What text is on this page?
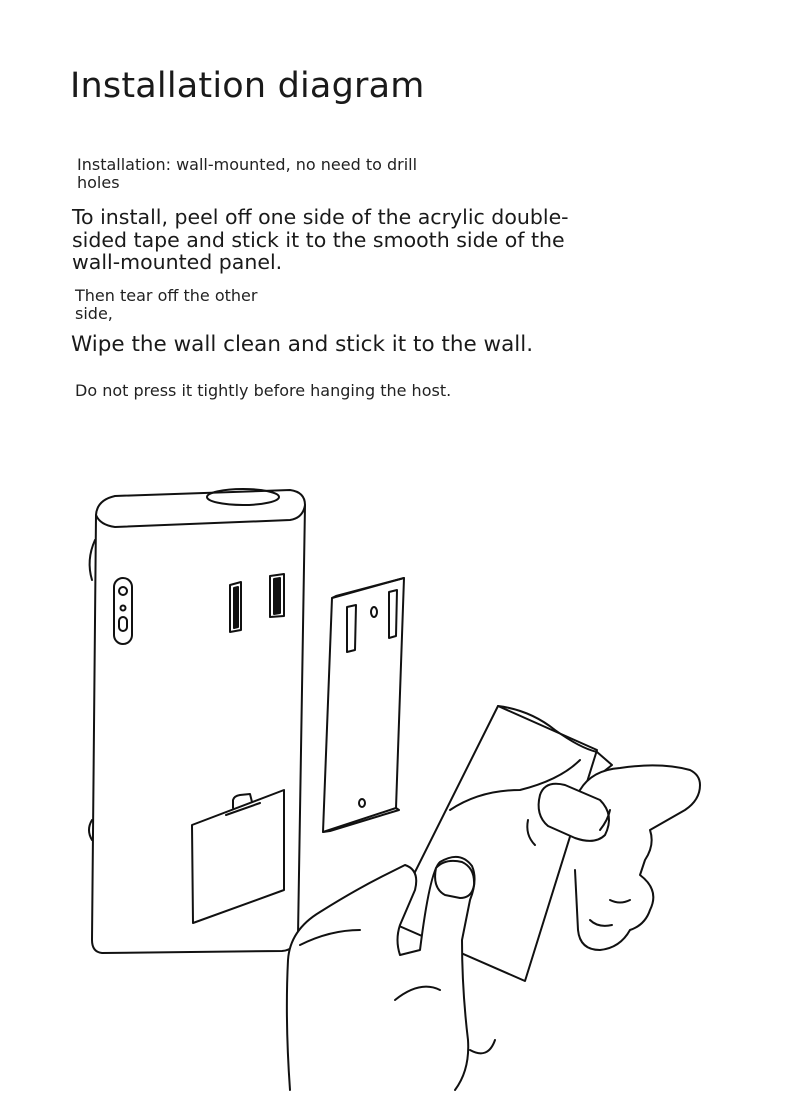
Installation diagram
Installation: wall-mounted, no need to drill holes
To install, peel off one side of the acrylic double-sided tape and stick it to the smooth side of the wall-mounted panel.
Then tear off the other side,
Wipe the wall clean and stick it to the wall.
Do not press it tightly before hanging the host.
